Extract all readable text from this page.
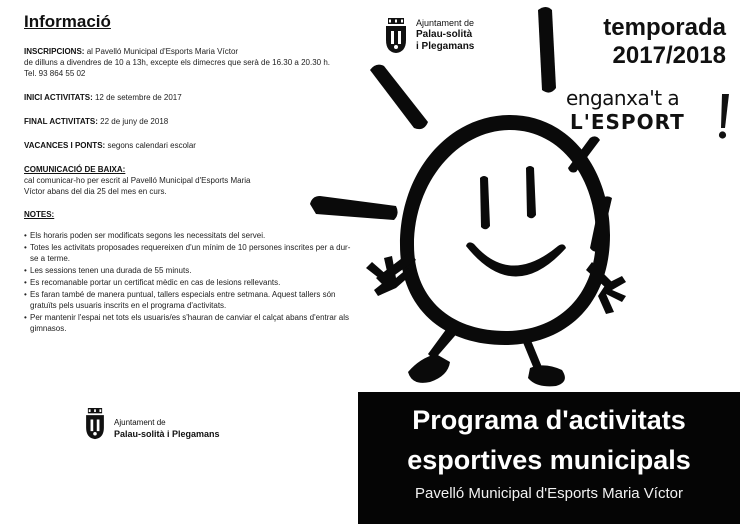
Informació
INSCRIPCIONS: al Pavelló Municipal d'Esports Maria Víctor
de dilluns a divendres de 10 a 13h, excepte els dimecres que serà de 16.30 a 20.30 h.
Tel. 93 864 55 02
INICI ACTIVITATS: 12 de setembre de 2017
FINAL ACTIVITATS: 22 de juny de 2018
VACANCES I PONTS: segons calendari escolar
COMUNICACIÓ DE BAIXA:
cal comunicar-ho per escrit al Pavelló Municipal d'Esports Maria Víctor abans del dia 25 del mes en curs.
NOTES:
• Els horaris poden ser modificats segons les necessitats del servei.
• Totes les activitats proposades requereixen d'un mínim de 10 persones inscrites per a dur-se a terme.
• Les sessions tenen una durada de 55 minuts.
• Es recomanable portar un certificat mèdic en cas de lesions rellevants.
• Es faran també de manera puntual, tallers especials entre setmana. Aquest tallers són gratuïts pels usuaris inscrits en el programa d'activitats.
• Per mantenir l'espai net tots els usuaris/es s'hauran de canviar el calçat abans d'entrar als gimnasos.
Ajuntament de
Palau-solità
i Plegamans
temporada
2017/2018
enganxa't a
L'ESPORT
Ajuntament de
Palau-solità i Plegamans	Programa d'activitats
esportives municipals
Pavelló Municipal d'Esports Maria Víctor
